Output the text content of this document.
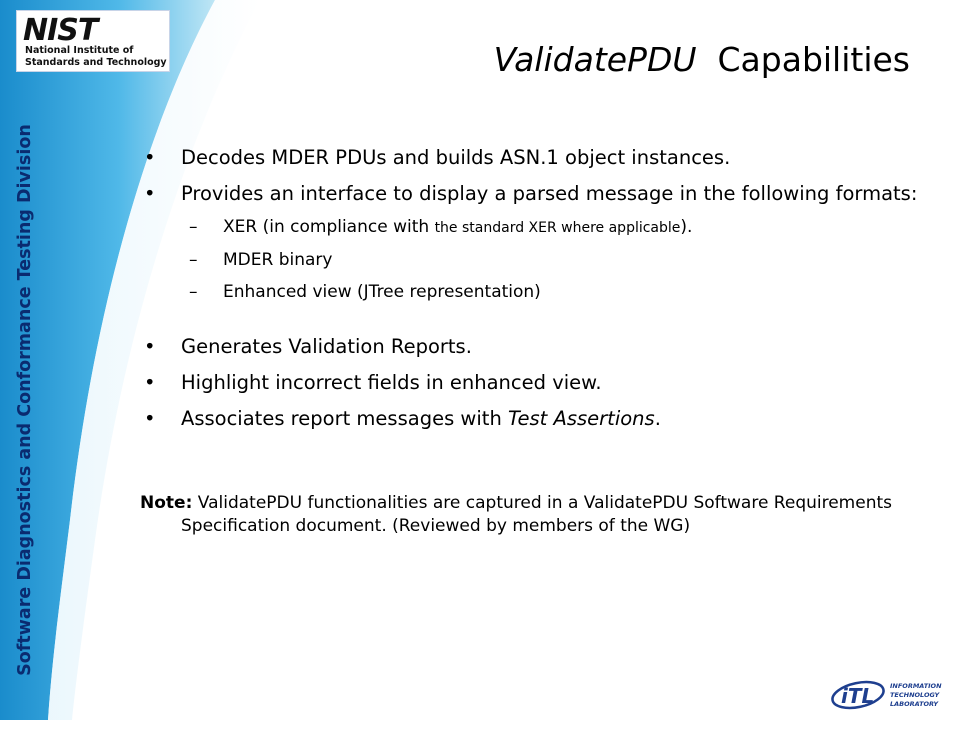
Software Diagnostics and Conformance Testing Division
NIST
National Institute of
Standards and Technology	ValidatePDU  Capabilities
• Decodes MDER PDUs and builds ASN.1 object instances.
• Provides an interface to display a parsed message in the following formats:
– XER (in compliance with the standard XER where applicable).
– MDER binary
– Enhanced view (JTree representation)
• Generates Validation Reports.
• Highlight incorrect fields in enhanced view.
• Associates report messages with Test Assertions.
Note: ValidatePDU functionalities are captured in a ValidatePDU Software Requirements Specification document. (Reviewed by members of the WG)
iTL INFORMATION
TECHNOLOGY
LABORATORY
